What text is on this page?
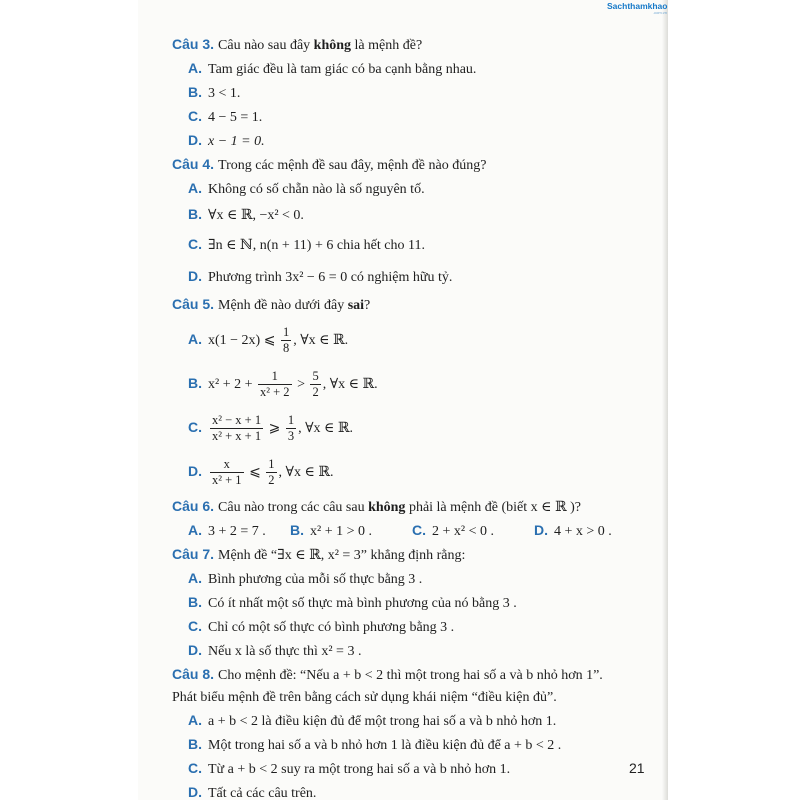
Sachthamkhao
.com.vn
Câu 3. Câu nào sau đây không là mệnh đề?
A. Tam giác đều là tam giác có ba cạnh bằng nhau.
B. 3 < 1.
C. 4 − 5 = 1.
D. x − 1 = 0.
Câu 4. Trong các mệnh đề sau đây, mệnh đề nào đúng?
A. Không có số chẵn nào là số nguyên tố.
B. ∀x ∈ ℝ, −x² < 0.
C. ∃n ∈ ℕ, n(n + 11) + 6 chia hết cho 11.
D. Phương trình 3x² − 6 = 0 có nghiệm hữu tỷ.
Câu 5. Mệnh đề nào dưới đây sai?
A. x(1 − 2x) ⩽ $\frac{1}{8}$ , ∀x ∈ ℝ.
B. $x^2 + 2 + \frac{1}{\text{x² + 2}} > \frac{5}{2}$ , ∀x ∈ ℝ.
C. $\frac{\text{x² − x + 1}}{\text{x² + x + 1}}$ ⩾ $\frac{1}{3}$ , ∀x ∈ ℝ.
D. $\frac{x}{\text{x² + 1}}$ ⩽ $\frac{1}{2}$ , ∀x ∈ ℝ.
Câu 6. Câu nào trong các câu sau không phải là mệnh đề (biết x ∈ ℝ )?
A. 3 + 2 = 7 .	B. x² + 1 > 0 .	C. 2 + x² < 0 .	D. 4 + x > 0 .
Câu 7. Mệnh đề “∃x ∈ ℝ, x² = 3” khẳng định rằng:
A. Bình phương của mỗi số thực bằng 3 .
B. Có ít nhất một số thực mà bình phương của nó bằng 3 .
C. Chỉ có một số thực có bình phương bằng 3 .
D. Nếu x là số thực thì x² = 3 .
Câu 8. Cho mệnh đề: “Nếu a + b < 2 thì một trong hai số a và b nhỏ hơn 1”.
Phát biểu mệnh đề trên bằng cách sử dụng khái niệm “điều kiện đủ”.
A. a + b < 2 là điều kiện đủ để một trong hai số a và b nhỏ hơn 1.
B. Một trong hai số a và b nhỏ hơn 1 là điều kiện đủ để a + b < 2 .
C. Từ a + b < 2 suy ra một trong hai số a và b nhỏ hơn 1.
D. Tất cả các câu trên.
21
